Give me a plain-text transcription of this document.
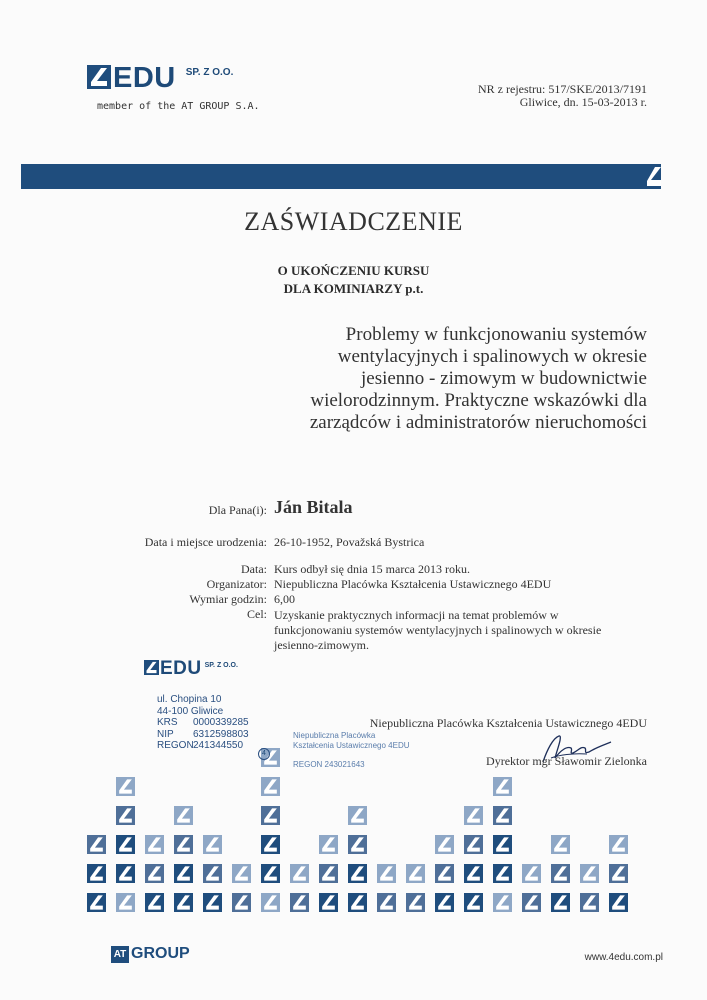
EDU SP. Z O.O.
member of the AT GROUP S.A.
NR z rejestru: 517/SKE/2013/7191
Gliwice, dn. 15-03-2013 r.
ZAŚWIADCZENIE
O UKOŃCZENIU KURSU
DLA KOMINIARZY p.t.
Problemy w funkcjonowaniu systemów
wentylacyjnych i spalinowych w okresie
jesienno - zimowym w budownictwie
wielorodzinnym. Praktyczne wskazówki dla
zarządców i administratorów nieruchomości
Dla Pana(i): Ján Bitala
Data i miejsce urodzenia: 26-10-1952, Považská Bystrica
Data: Kurs odbył się dnia 15 marca 2013 roku.
Organizator: Niepubliczna Placówka Kształcenia Ustawicznego 4EDU
Wymiar godzin: 6,00
Cel: Uzyskanie praktycznych informacji na temat problemów w funkcjonowaniu systemów wentylacyjnych i spalinowych w okresie jesienno-zimowym.
EDU SP. Z O.O.
ul. Chopina 10
44-100 Gliwice
KRS 0000339285
NIP 6312598803
REGON241344550
4
Niepubliczna Placówka
Kształcenia Ustawicznego 4EDU
REGON 243021643
Niepubliczna Placówka Kształcenia Ustawicznego 4EDU
Dyrektor mgr Sławomir Zielonka
AT GROUP	www.4edu.com.pl
